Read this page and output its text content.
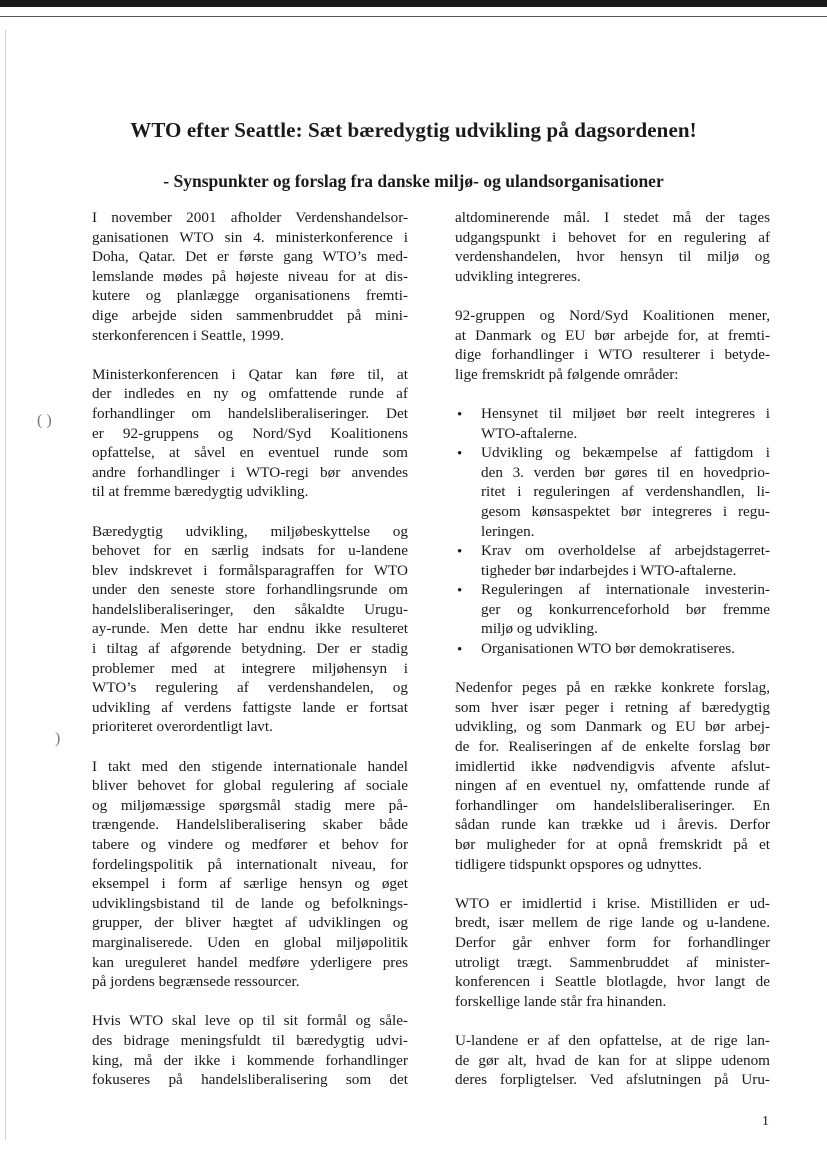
( )
)
WTO efter Seattle: Sæt bæredygtig udvikling på dagsordenen!
- Synspunkter og forslag fra danske miljø- og ulandsorganisationer

I november 2001 afholder Verdenshandelsor-
ganisationen WTO sin 4. ministerkonference i
Doha, Qatar. Det er første gang WTO’s med-
lemslande mødes på højeste niveau for at dis-
kutere og planlægge organisationens fremti-
dige arbejde siden sammenbruddet på mini-
sterkonferencen i Seattle, 1999.

Ministerkonferencen i Qatar kan føre til, at
der indledes en ny og omfattende runde af
forhandlinger om handelsliberaliseringer. Det
er 92-gruppens og Nord/Syd Koalitionens
opfattelse, at såvel en eventuel runde som
andre forhandlinger i WTO-regi bør anvendes
til at fremme bæredygtig udvikling.

Bæredygtig udvikling, miljøbeskyttelse og
behovet for en særlig indsats for u-landene
blev indskrevet i formålsparagraffen for WTO
under den seneste store forhandlingsrunde om
handelsliberaliseringer, den såkaldte Urugu-
ay-runde. Men dette har endnu ikke resulteret
i tiltag af afgørende betydning. Der er stadig
problemer med at integrere miljøhensyn i
WTO’s regulering af verdenshandelen, og
udvikling af verdens fattigste lande er fortsat
prioriteret overordentligt lavt.

I takt med den stigende internationale handel
bliver behovet for global regulering af sociale
og miljømæssige spørgsmål stadig mere på-
trængende. Handelsliberalisering skaber både
tabere og vindere og medfører et behov for
fordelingspolitik på internationalt niveau, for
eksempel i form af særlige hensyn og øget
udviklingsbistand til de lande og befolknings-
grupper, der bliver hægtet af udviklingen og
marginaliserede. Uden en global miljøpolitik
kan ureguleret handel medføre yderligere pres
på jordens begrænsede ressourcer.

Hvis WTO skal leve op til sit formål og såle-
des bidrage meningsfuldt til bæredygtig udvi-
king, må der ikke i kommende forhandlinger
fokuseres på handelsliberalisering som det

altdominerende mål. I stedet må der tages
udgangspunkt i behovet for en regulering af
verdenshandelen, hvor hensyn til miljø og
udvikling integreres.

92-gruppen og Nord/Syd Koalitionen mener,
at Danmark og EU bør arbejde for, at fremti-
dige forhandlinger i WTO resulterer i betyde-
lige fremskridt på følgende områder:

• Hensynet til miljøet bør reelt integreres i
WTO-aftalerne.
• Udvikling og bekæmpelse af fattigdom i
den 3. verden bør gøres til en hovedprio-
ritet i reguleringen af verdenshandlen, li-
gesom kønsaspektet bør integreres i regu-
leringen.
• Krav om overholdelse af arbejdstagerret-
tigheder bør indarbejdes i WTO-aftalerne.
• Reguleringen af internationale investerin-
ger og konkurrenceforhold bør fremme
miljø og udvikling.
• Organisationen WTO bør demokratiseres.

Nedenfor peges på en række konkrete forslag,
som hver især peger i retning af bæredygtig
udvikling, og som Danmark og EU bør arbej-
de for. Realiseringen af de enkelte forslag bør
imidlertid ikke nødvendigvis afvente afslut-
ningen af en eventuel ny, omfattende runde af
forhandlinger om handelsliberaliseringer. En
sådan runde kan trække ud i årevis. Derfor
bør muligheder for at opnå fremskridt på et
tidligere tidspunkt opspores og udnyttes.

WTO er imidlertid i krise. Mistilliden er ud-
bredt, især mellem de rige lande og u-landene.
Derfor går enhver form for forhandlinger
utroligt trægt. Sammenbruddet af minister-
konferencen i Seattle blotlagde, hvor langt de
forskellige lande står fra hinanden.

U-landene er af den opfattelse, at de rige lan-
de gør alt, hvad de kan for at slippe udenom
deres forpligtelser. Ved afslutningen på Uru-

1
